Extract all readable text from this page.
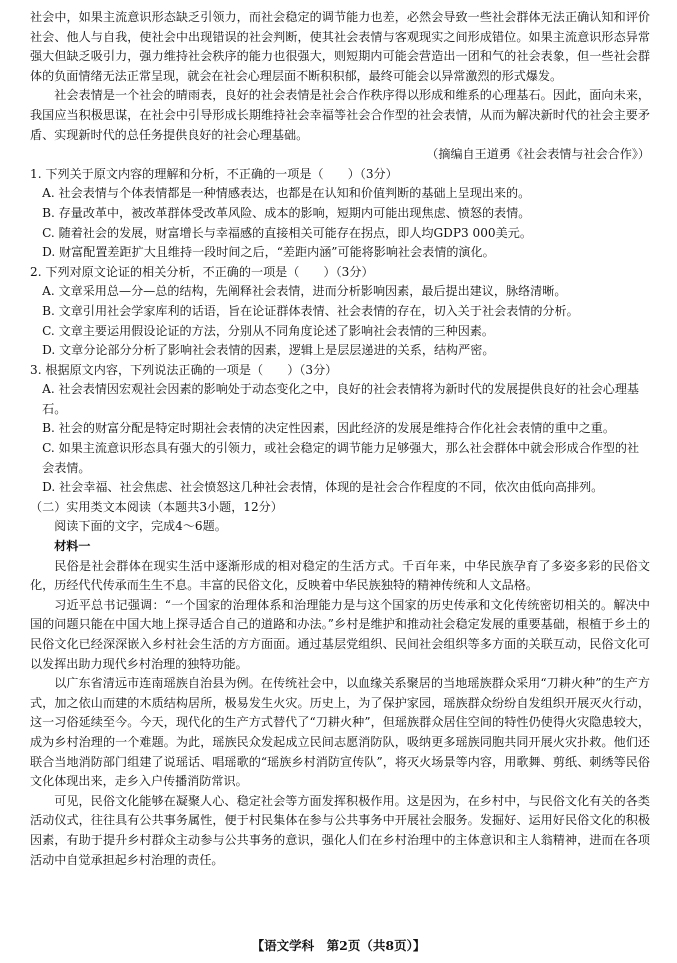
社会中，如果主流意识形态缺乏引领力，而社会稳定的调节能力也差，必然会导致一些社会群体无法正确认知和评价社会、他人与自我，使社会中出现错误的社会判断，使其社会表情与客观现实之间形成错位。如果主流意识形态异常强大但缺乏吸引力，强力维持社会秩序的能力也很强大，则短期内可能会营造出一团和气的社会表象，但一些社会群体的负面情绪无法正常呈现，就会在社会心理层面不断积积郁，最终可能会以异常激烈的形式爆发。

社会表情是一个社会的晴雨表，良好的社会表情是社会合作秩序得以形成和维系的心理基石。因此，面向未来，我国应当积极思谋，在社会中引导形成长期维持社会幸福等社会合作型的社会表情，从而为解决新时代的社会主要矛盾、实现新时代的总任务提供良好的社会心理基础。

（摘编自王道勇《社会表情与社会合作》）

1. 下列关于原文内容的理解和分析，不正确的一项是（　　）（3分）

A. 社会表情与个体表情都是一种情感表达，也都是在认知和价值判断的基础上呈现出来的。

B. 存量改革中，被改革群体受改革风险、成本的影响，短期内可能出现焦虑、愤怒的表情。

C. 随着社会的发展，财富增长与幸福感的直接相关可能存在拐点，即人均GDP3 000美元。

D. 财富配置差距扩大且维持一段时间之后，“差距内涵”可能将影响社会表情的演化。

2. 下列对原文论证的相关分析，不正确的一项是（　　）（3分）

A. 文章采用总—分—总的结构，先阐释社会表情，进而分析影响因素，最后提出建议，脉络清晰。

B. 文章引用社会学家库利的话语，旨在论证群体表情、社会表情的存在，切入关于社会表情的分析。

C. 文章主要运用假设论证的方法，分别从不同角度论述了影响社会表情的三种因素。

D. 文章分论部分分析了影响社会表情的因素，逻辑上是层层递进的关系，结构严密。

3. 根据原文内容，下列说法正确的一项是（　　）（3分）

A. 社会表情因宏观社会因素的影响处于动态变化之中，良好的社会表情将为新时代的发展提供良好的社会心理基石。

B. 社会的财富分配是特定时期社会表情的决定性因素，因此经济的发展是维持合作化社会表情的重中之重。

C. 如果主流意识形态具有强大的引领力，或社会稳定的调节能力足够强大，那么社会群体中就会形成合作型的社会表情。

D. 社会幸福、社会焦虑、社会愤怒这几种社会表情，体现的是社会合作程度的不同，依次由低向高排列。

（二）实用类文本阅读（本题共3小题，12分）

阅读下面的文字，完成4～6题。

材料一

民俗是社会群体在现实生活中逐渐形成的相对稳定的生活方式。千百年来，中华民族孕育了多姿多彩的民俗文化，历经代代传承而生生不息。丰富的民俗文化，反映着中华民族独特的精神传统和人文品格。

习近平总书记强调：“一个国家的治理体系和治理能力是与这个国家的历史传承和文化传统密切相关的。解决中国的问题只能在中国大地上探寻适合自己的道路和办法。”乡村是维护和推动社会稳定发展的重要基础，根植于乡土的民俗文化已经深深嵌入乡村社会生活的方方面面。通过基层党组织、民间社会组织等多方面的关联互动，民俗文化可以发挥出助力现代乡村治理的独特功能。

以广东省清远市连南瑶族自治县为例。在传统社会中，以血缘关系聚居的当地瑶族群众采用“刀耕火种”的生产方式，加之依山而建的木质结构居所，极易发生火灾。历史上，为了保护家园，瑶族群众纷纷自发组织开展灭火行动，这一习俗延续至今。今天，现代化的生产方式替代了“刀耕火种”，但瑶族群众居住空间的特性仍使得火灾隐患较大，成为乡村治理的一个难题。为此，瑶族民众发起成立民间志愿消防队，吸纳更多瑶族同胞共同开展火灾扑救。他们还联合当地消防部门组建了说瑶话、唱瑶歌的“瑶族乡村消防宣传队”，将灭火场景等内容，用歌舞、剪纸、刺绣等民俗文化体现出来，走乡入户传播消防常识。

可见，民俗文化能够在凝聚人心、稳定社会等方面发挥积极作用。这是因为，在乡村中，与民俗文化有关的各类活动仪式，往往具有公共事务属性，便于村民集体在参与公共事务中开展社会服务。发掘好、运用好民俗文化的积极因素，有助于提升乡村群众主动参与公共事务的意识，强化人们在乡村治理中的主体意识和主人翁精神，进而在各项活动中自觉承担起乡村治理的责任。

【语文学科　第2页（共8页）】
